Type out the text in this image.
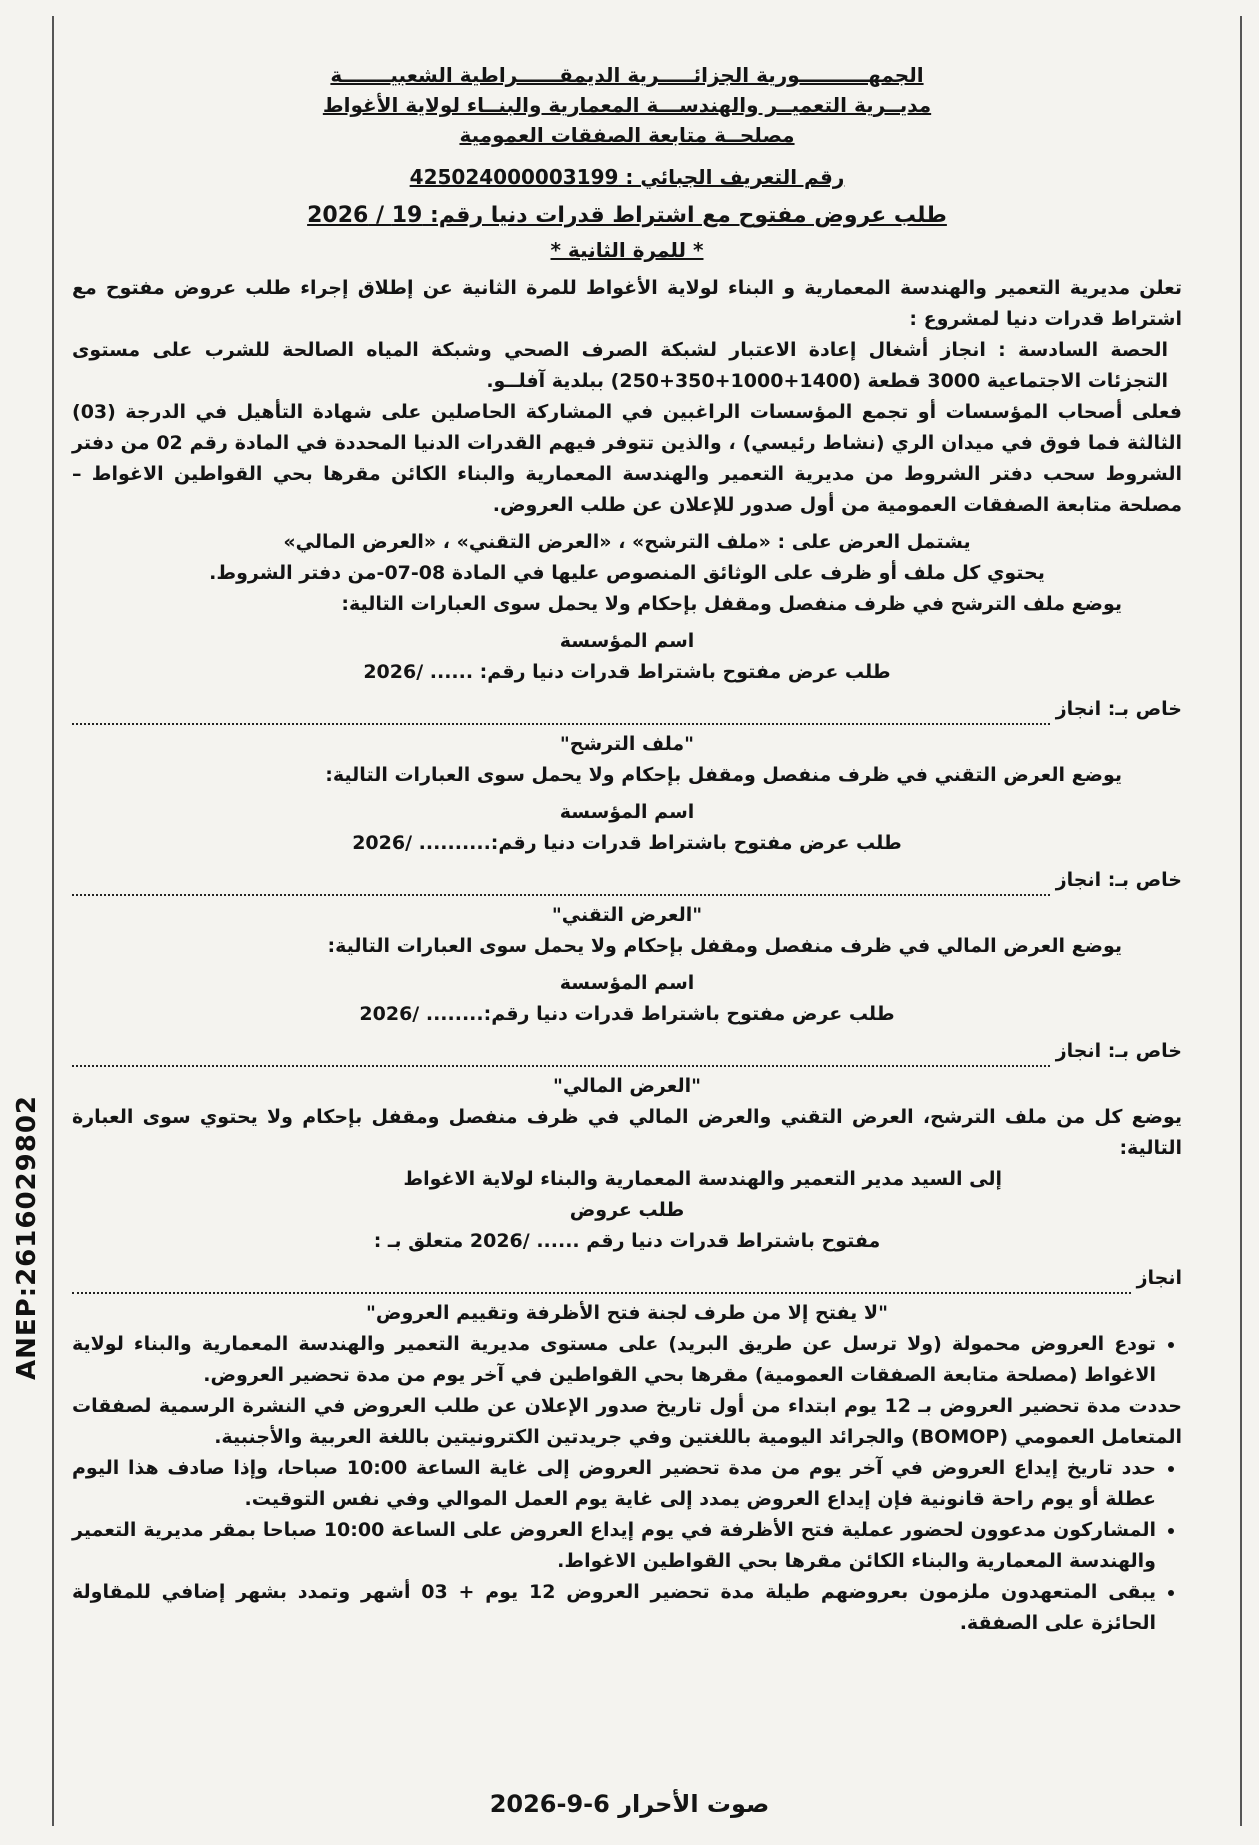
ANEP:2616029802

الجمهــــــــــورية الجزائـــــرية الديمقــــــراطية الشعبيـــــــة

مديــرية التعميــر والهندســـة المعمارية والبنــاء لولاية الأغواط

مصلحــة متابعة الصفقات العمومية

رقم التعريف الجبائي : 425024000003199

طلب عروض مفتوح مع اشتراط قدرات دنيا رقم: 19 / 2026

* للمرة الثانية *

تعلن مديرية التعمير والهندسة المعمارية و البناء لولاية الأغواط للمرة الثانية عن إطلاق إجراء طلب عروض مفتوح مع اشتراط قدرات دنيا لمشروع :

الحصة السادسة : انجاز أشغال إعادة الاعتبار لشبكة الصرف الصحي وشبكة المياه الصالحة للشرب على مستوى التجزئات الاجتماعية 3000 قطعة (1400+1000+350+250) ببلدية آفلــو.

فعلى أصحاب المؤسسات أو تجمع المؤسسات الراغبين في المشاركة الحاصلين على شهادة التأهيل في الدرجة (03) الثالثة فما فوق في ميدان الري (نشاط رئيسي) ، والذين تتوفر فيهم القدرات الدنيا المحددة في المادة رقم 02 من دفتر الشروط سحب دفتر الشروط من مديرية التعمير والهندسة المعمارية والبناء الكائن مقرها بحي القواطين الاغواط – مصلحة متابعة الصفقات العمومية من أول صدور للإعلان عن طلب العروض.

يشتمل العرض على : «ملف الترشح» ، «العرض التقني» ، «العرض المالي»

يحتوي كل ملف أو ظرف على الوثائق المنصوص عليها في المادة 08-07-من دفتر الشروط.

يوضع ملف الترشح في ظرف منفصل ومقفل بإحكام ولا يحمل سوى العبارات التالية:

اسم المؤسسة

طلب عرض مفتوح باشتراط قدرات دنيا رقم: ...... /2026

خاص بـ: انجاز

"ملف الترشح"

يوضع العرض التقني في ظرف منفصل ومقفل بإحكام ولا يحمل سوى العبارات التالية:

اسم المؤسسة

طلب عرض مفتوح باشتراط قدرات دنيا رقم:.......... /2026

خاص بـ: انجاز

"العرض التقني"

يوضع العرض المالي في ظرف منفصل ومقفل بإحكام ولا يحمل سوى العبارات التالية:

اسم المؤسسة

طلب عرض مفتوح باشتراط قدرات دنيا رقم:........ /2026

خاص بـ: انجاز

"العرض المالي"

يوضع كل من ملف الترشح، العرض التقني والعرض المالي في ظرف منفصل ومقفل بإحكام ولا يحتوي سوى العبارة التالية:

إلى السيد مدير التعمير والهندسة المعمارية والبناء لولاية الاغواط

طلب عروض

مفتوح باشتراط قدرات دنيا رقم ...... /2026 متعلق بـ :

انجاز

"لا يفتح إلا من طرف لجنة فتح الأظرفة وتقييم العروض"

• تودع العروض محمولة (ولا ترسل عن طريق البريد) على مستوى مديرية التعمير والهندسة المعمارية والبناء لولاية الاغواط (مصلحة متابعة الصفقات العمومية) مقرها بحي القواطين في آخر يوم من مدة تحضير العروض.

حددت مدة تحضير العروض بـ 12 يوم ابتداء من أول تاريخ صدور الإعلان عن طلب العروض في النشرة الرسمية لصفقات المتعامل العمومي (BOMOP) والجرائد اليومية باللغتين وفي جريدتين الكترونيتين باللغة العربية والأجنبية.

• حدد تاريخ إيداع العروض في آخر يوم من مدة تحضير العروض إلى غاية الساعة 10:00 صباحا، وإذا صادف هذا اليوم عطلة أو يوم راحة قانونية فإن إيداع العروض يمدد إلى غاية يوم العمل الموالي وفي نفس التوقيت.
• المشاركون مدعوون لحضور عملية فتح الأظرفة في يوم إيداع العروض على الساعة 10:00 صباحا بمقر مديرية التعمير والهندسة المعمارية والبناء الكائن مقرها بحي القواطين الاغواط.
• يبقى المتعهدون ملزمون بعروضهم طيلة مدة تحضير العروض 12 يوم + 03 أشهر وتمدد بشهر إضافي للمقاولة الحائزة على الصفقة.
صوت الأحرار 6-9-2026
